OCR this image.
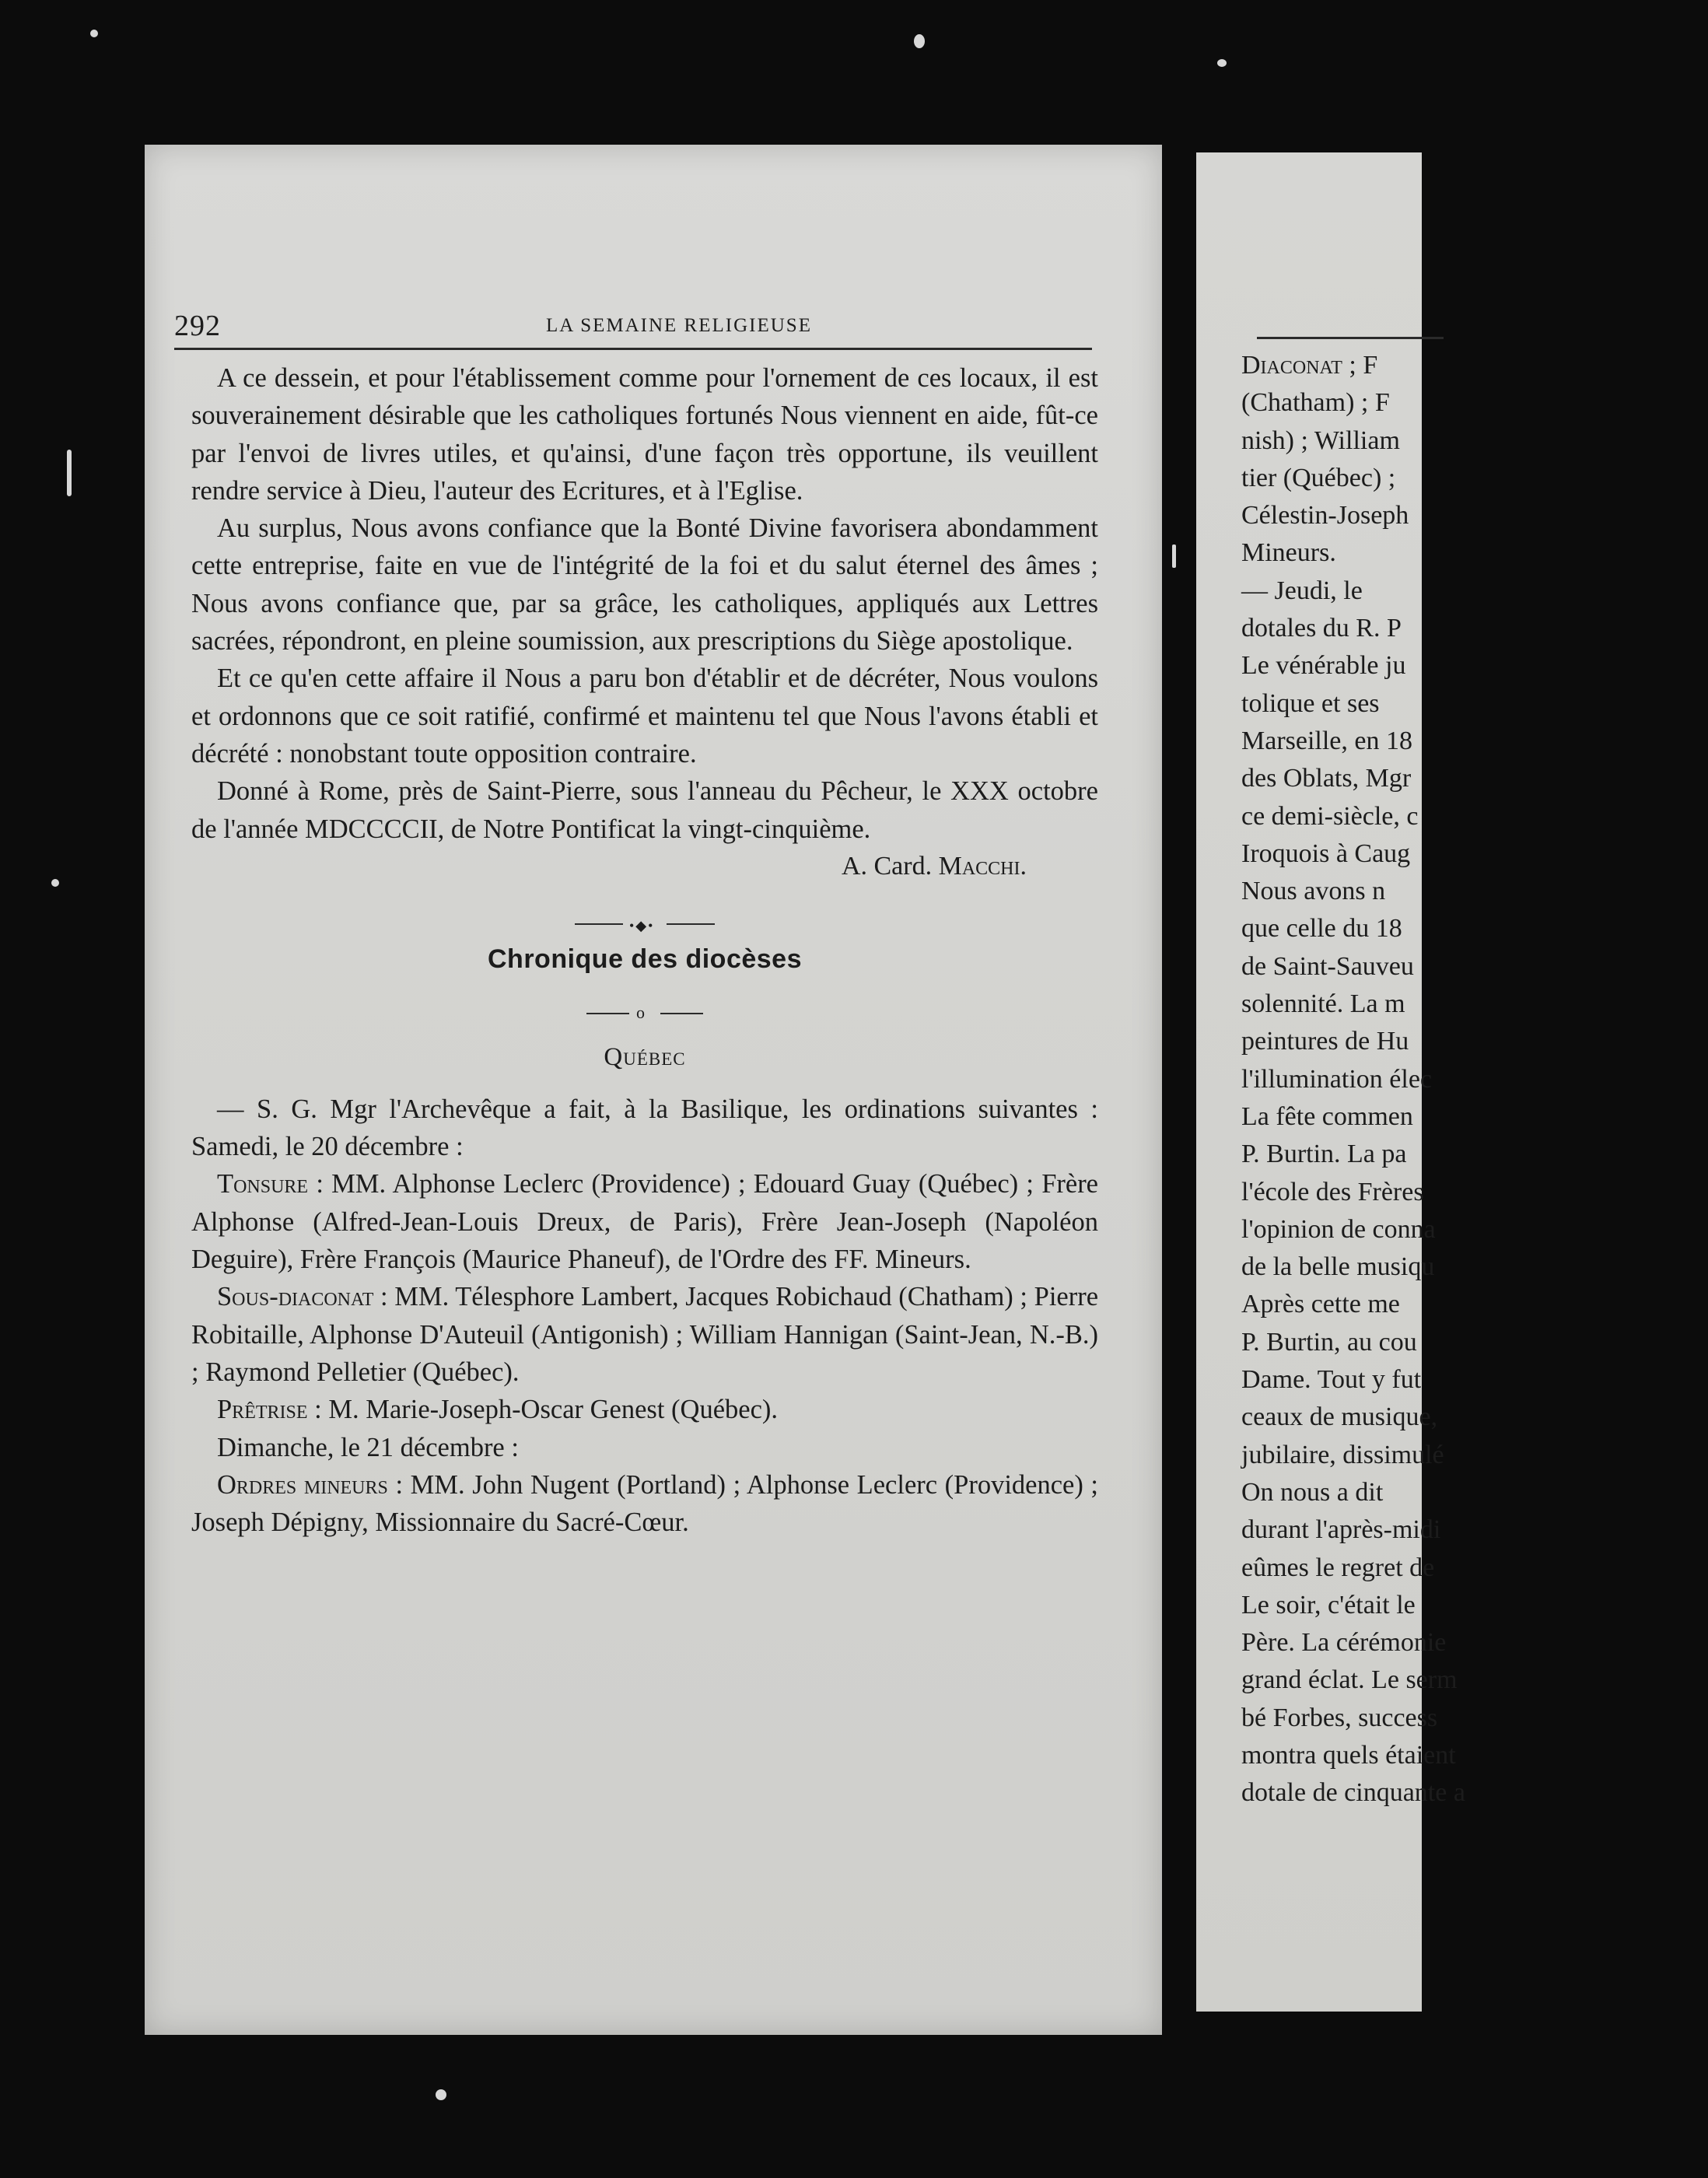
292	LA SEMAINE RELIGIEUSE

A ce dessein, et pour l'établissement comme pour l'ornement de ces locaux, il est souverainement désirable que les catholiques fortunés Nous viennent en aide, fût-ce par l'envoi de livres utiles, et qu'ainsi, d'une façon très opportune, ils veuillent rendre service à Dieu, l'auteur des Ecritures, et à l'Eglise.

Au surplus, Nous avons confiance que la Bonté Divine favorisera abondamment cette entreprise, faite en vue de l'intégrité de la foi et du salut éternel des âmes ; Nous avons confiance que, par sa grâce, les catholiques, appliqués aux Lettres sacrées, répondront, en pleine soumission, aux prescriptions du Siège apostolique.

Et ce qu'en cette affaire il Nous a paru bon d'établir et de décréter, Nous voulons et ordonnons que ce soit ratifié, confirmé et maintenu tel que Nous l'avons établi et décrété : nonobstant toute opposition contraire.

Donné à Rome, près de Saint-Pierre, sous l'anneau du Pêcheur, le XXX octobre de l'année MDCCCCII, de Notre Pontificat la vingt-cinquième.

A. Card. Macchi.

•◆•
Chronique des diocèses
o
Québec

— S. G. Mgr l'Archevêque a fait, à la Basilique, les ordinations suivantes : Samedi, le 20 décembre :

Tonsure : MM. Alphonse Leclerc (Providence) ; Edouard Guay (Québec) ; Frère Alphonse (Alfred-Jean-Louis Dreux, de Paris), Frère Jean-Joseph (Napoléon Deguire), Frère François (Maurice Phaneuf), de l'Ordre des FF. Mineurs.

Sous-diaconat : MM. Télesphore Lambert, Jacques Robichaud (Chatham) ; Pierre Robitaille, Alphonse D'Auteuil (Antigonish) ; William Hannigan (Saint-Jean, N.-B.) ; Raymond Pelletier (Québec).

Prêtrise : M. Marie-Joseph-Oscar Genest (Québec).

Dimanche, le 21 décembre :

Ordres mineurs : MM. John Nugent (Portland) ; Alphonse Leclerc (Providence) ; Joseph Dépigny, Missionnaire du Sacré-Cœur.

Diaconat ; F

(Chatham) ; F

nish) ; William

tier (Québec) ;

Célestin-Joseph

Mineurs.

— Jeudi, le

dotales du R. P

Le vénérable ju

tolique et ses

Marseille, en 18

des Oblats, Mgr

ce demi-siècle, c

Iroquois à Caug

Nous avons n

que celle du 18

de Saint-Sauveu

solennité. La m

peintures de Hu

l'illumination élec

La fête commen

P. Burtin. La pa

l'école des Frères

l'opinion de conna

de la belle musiqu

Après cette me

P. Burtin, au cou

Dame. Tout y fut

ceaux de musique,

jubilaire, dissimulé

On nous a dit

durant l'après-midi

eûmes le regret de

Le soir, c'était le

Père. La cérémonie

grand éclat. Le serm

bé Forbes, success

montra quels étaient

dotale de cinquante a
